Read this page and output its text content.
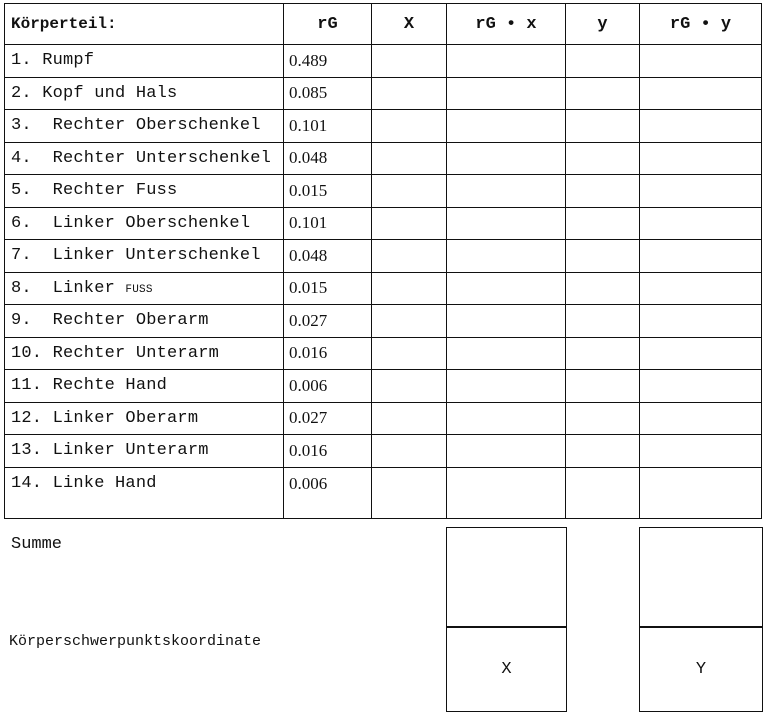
Körperteil:	rG	X	rG • x	y	rG • y
1. Rumpf	0.489				
2. Kopf und Hals	0.085				
3.  Rechter Oberschenkel	0.101				
4.  Rechter Unterschenkel	0.048				
5.  Rechter Fuss	0.015				
6.  Linker Oberschenkel	0.101				
7.  Linker Unterschenkel	0.048				
8.  Linker FUSS	0.015				
9.  Rechter Oberarm	0.027				
10. Rechter Unterarm	0.016				
11. Rechte Hand	0.006				
12. Linker Oberarm	0.027				
13. Linker Unterarm	0.016				
14. Linke Hand	0.006				
Summe
Körperschwerpunktskoordinate
X	Y
